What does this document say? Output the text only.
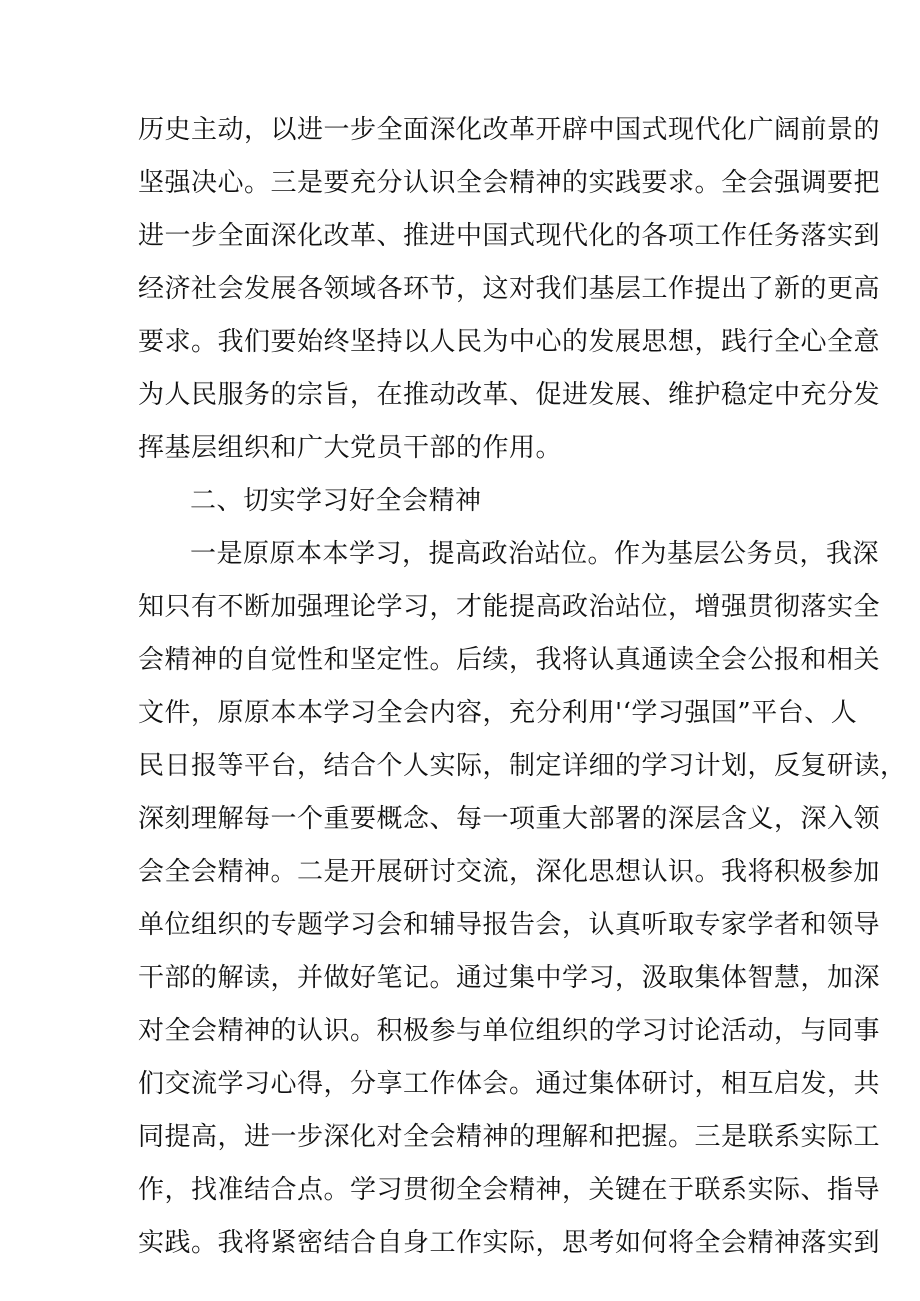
历史主动，以进一步全面深化改革开辟中国式现代化广阔前景的
坚强决心。三是要充分认识全会精神的实践要求。全会强调要把
进一步全面深化改革、推进中国式现代化的各项工作任务落实到
经济社会发展各领域各环节，这对我们基层工作提出了新的更高
要求。我们要始终坚持以人民为中心的发展思想，践行全心全意
为人民服务的宗旨，在推动改革、促进发展、维护稳定中充分发
挥基层组织和广大党员干部的作用。
二、切实学习好全会精神
一是原原本本学习，提高政治站位。作为基层公务员，我深
知只有不断加强理论学习，才能提高政治站位，增强贯彻落实全
会精神的自觉性和坚定性。后续，我将认真通读全会公报和相关
文件，原原本本学习全会内容，充分利用'‘学习强国”平台、人
民日报等平台，结合个人实际，制定详细的学习计划，反复研读，
深刻理解每一个重要概念、每一项重大部署的深层含义，深入领
会全会精神。二是开展研讨交流，深化思想认识。我将积极参加
单位组织的专题学习会和辅导报告会，认真听取专家学者和领导
干部的解读，并做好笔记。通过集中学习，汲取集体智慧，加深
对全会精神的认识。积极参与单位组织的学习讨论活动，与同事
们交流学习心得，分享工作体会。通过集体研讨，相互启发，共
同提高，进一步深化对全会精神的理解和把握。三是联系实际工
作，找准结合点。学习贯彻全会精神，关键在于联系实际、指导
实践。我将紧密结合自身工作实际，思考如何将全会精神落实到
